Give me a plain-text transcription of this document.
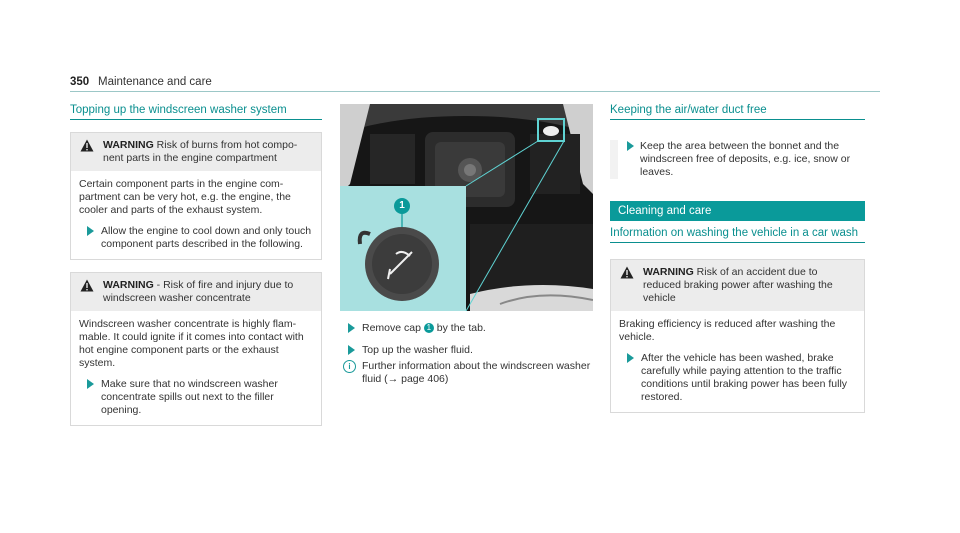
350 Maintenance and care
Topping up the windscreen washer system
WARNING Risk of burns from hot compo- nent parts in the engine compartment
Certain component parts in the engine com- partment can be very hot, e.g. the engine, the cooler and parts of the exhaust system.
Allow the engine to cool down and only touch component parts described in the following.
WARNING - Risk of fire and injury due to windscreen washer concentrate
Windscreen washer concentrate is highly flam- mable. It could ignite if it comes into contact with hot engine component parts or the exhaust system.
Make sure that no windscreen washer concentrate spills out next to the filler opening.
1
Remove cap 1 by the tab.
Top up the washer fluid.
i	Further information about the windscreen washer fluid (→ page 406)
Keeping the air/water duct free
Keep the area between the bonnet and the windscreen free of deposits, e.g. ice, snow or leaves.
Cleaning and care
Information on washing the vehicle in a car wash
WARNING Risk of an accident due to reduced braking power after washing the vehicle
Braking efficiency is reduced after washing the vehicle.
After the vehicle has been washed, brake carefully while paying attention to the traffic conditions until braking power has been fully restored.
